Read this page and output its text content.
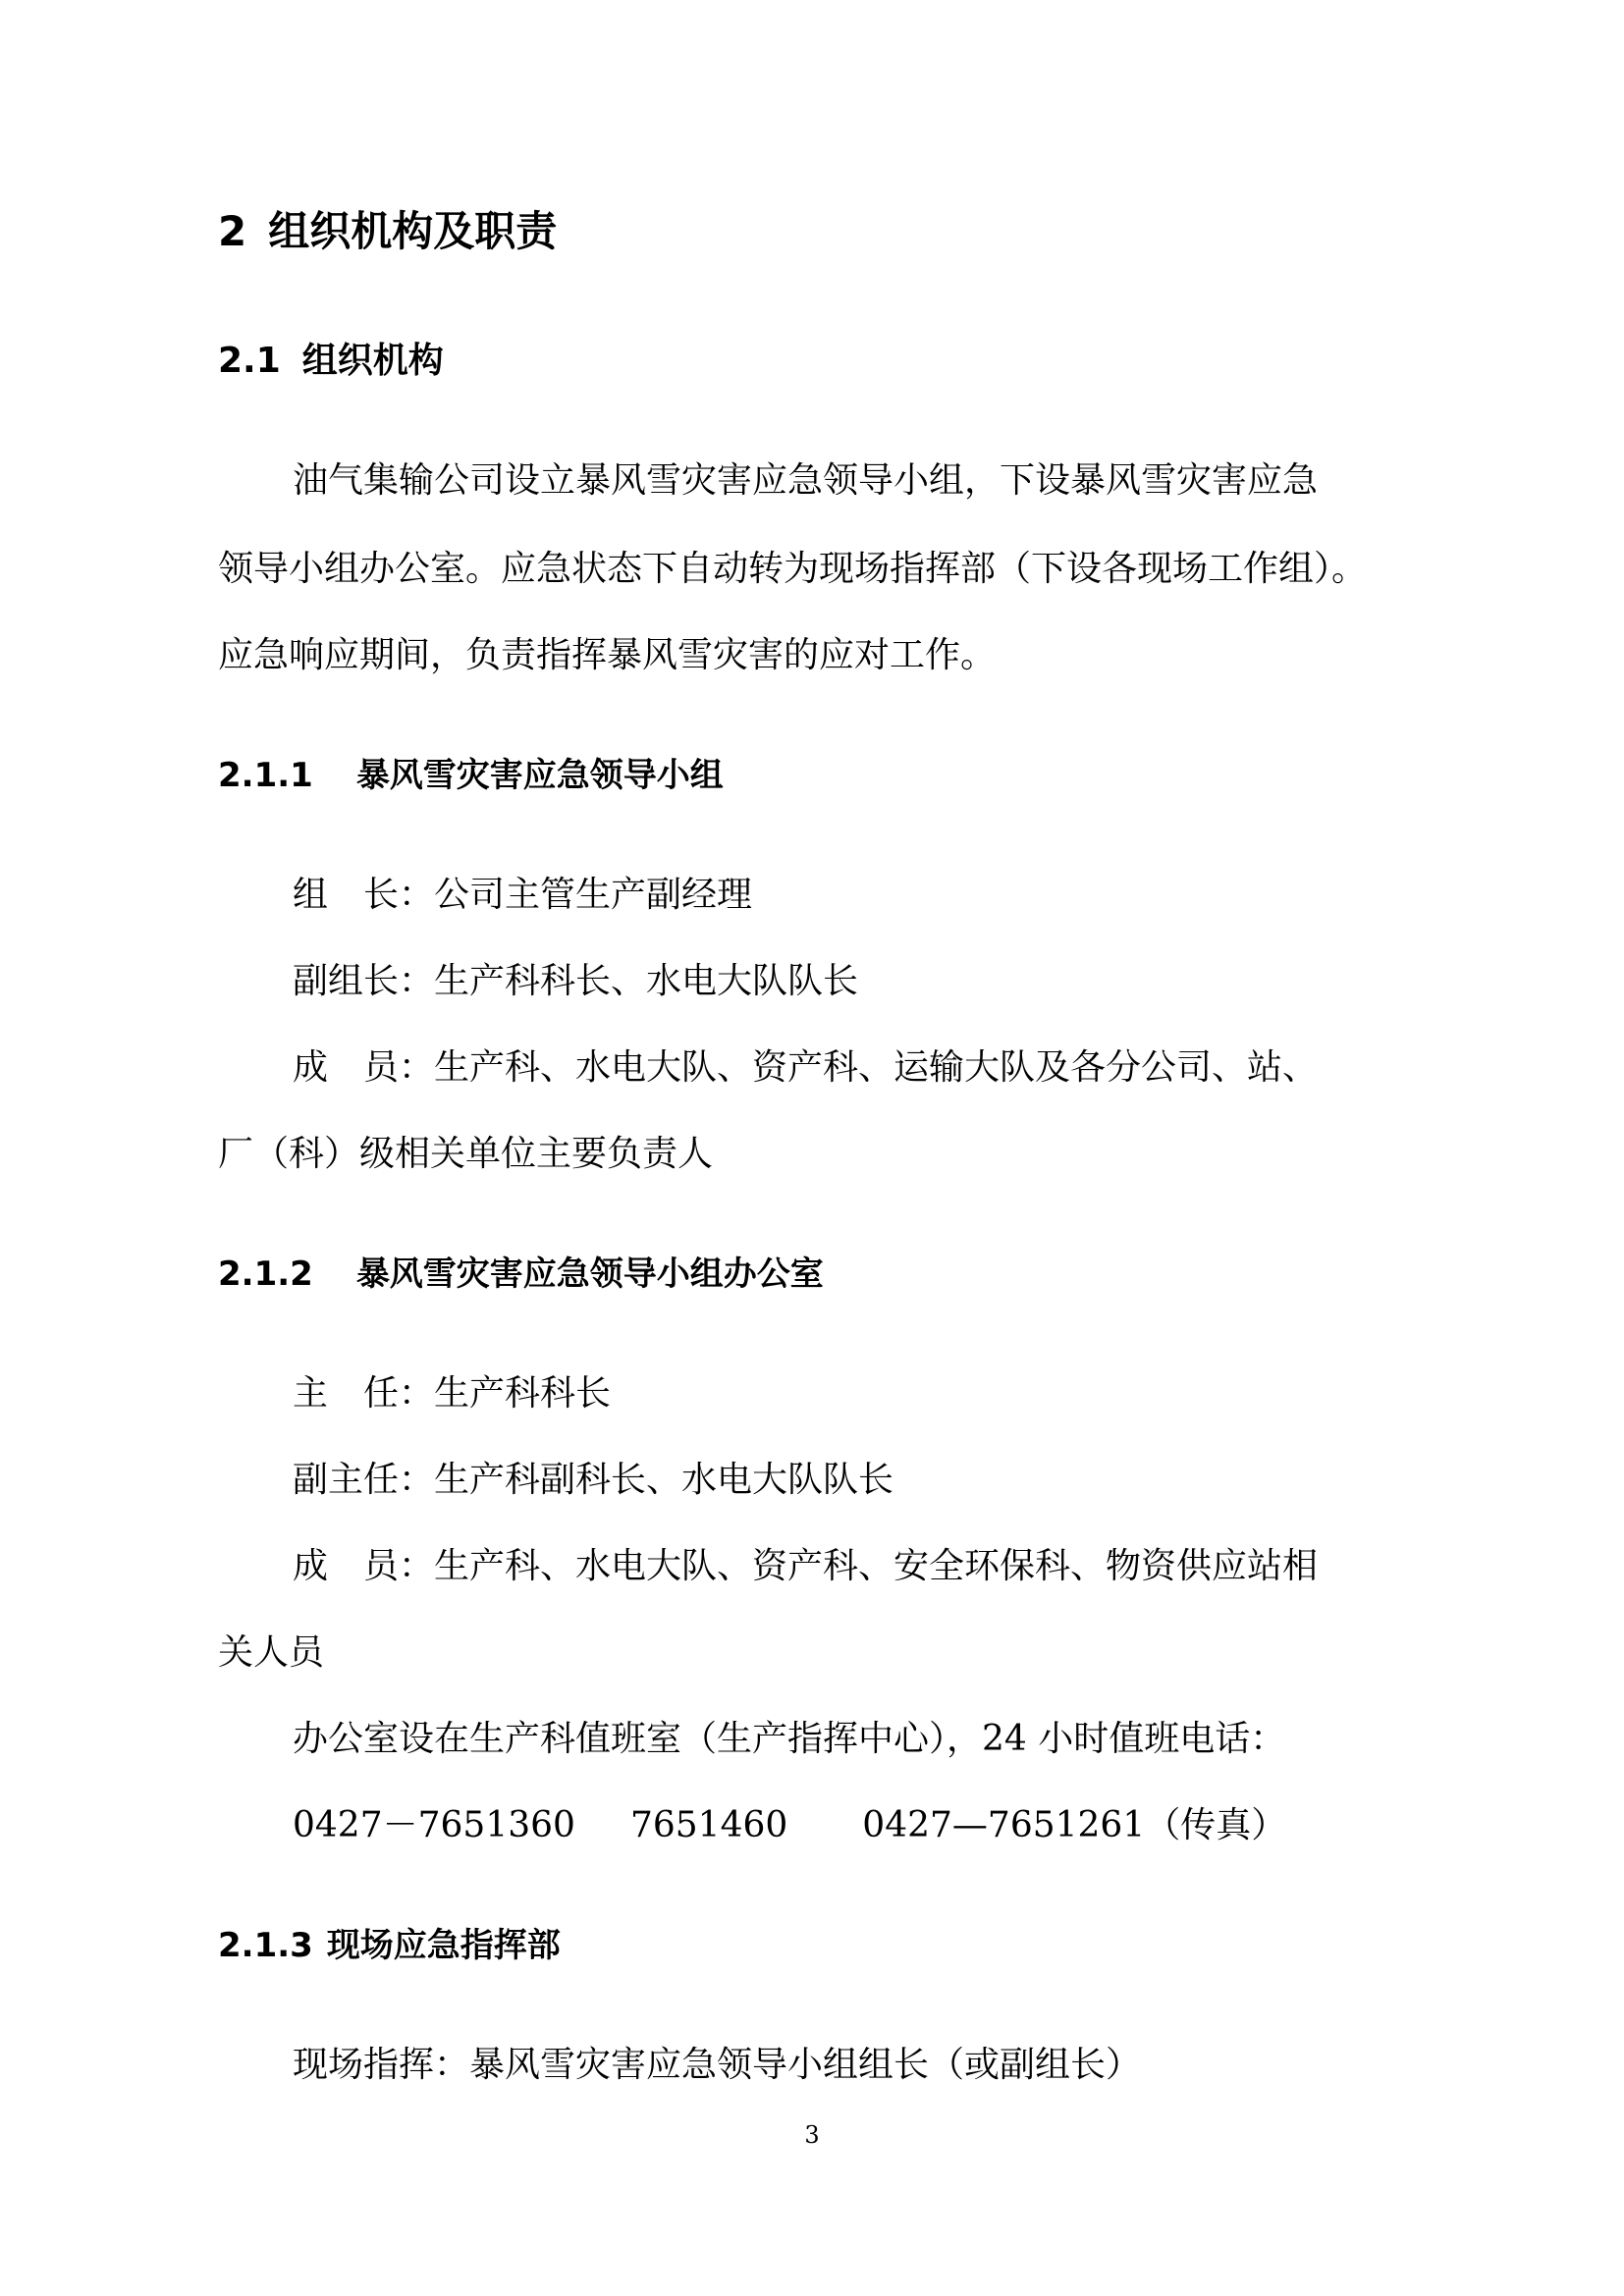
2 组织机构及职责
2.1 组织机构

油气集输公司设立暴风雪灾害应急领导小组，下设暴风雪灾害应急

领导小组办公室。应急状态下自动转为现场指挥部（下设各现场工作组）。

应急响应期间，负责指挥暴风雪灾害的应对工作。

2.1.1 暴风雪灾害应急领导小组

组　长：公司主管生产副经理

副组长：生产科科长、水电大队队长

成　员：生产科、水电大队、资产科、运输大队及各分公司、站、

厂（科）级相关单位主要负责人

2.1.2 暴风雪灾害应急领导小组办公室

主　任：生产科科长

副主任：生产科副科长、水电大队队长

成　员：生产科、水电大队、资产科、安全环保科、物资供应站相

关人员

办公室设在生产科值班室（生产指挥中心），24 小时值班电话：

0427－7651360 7651460 0427—7651261（传真）

2.1.3 现场应急指挥部

现场指挥：暴风雪灾害应急领导小组组长（或副组长）

3
